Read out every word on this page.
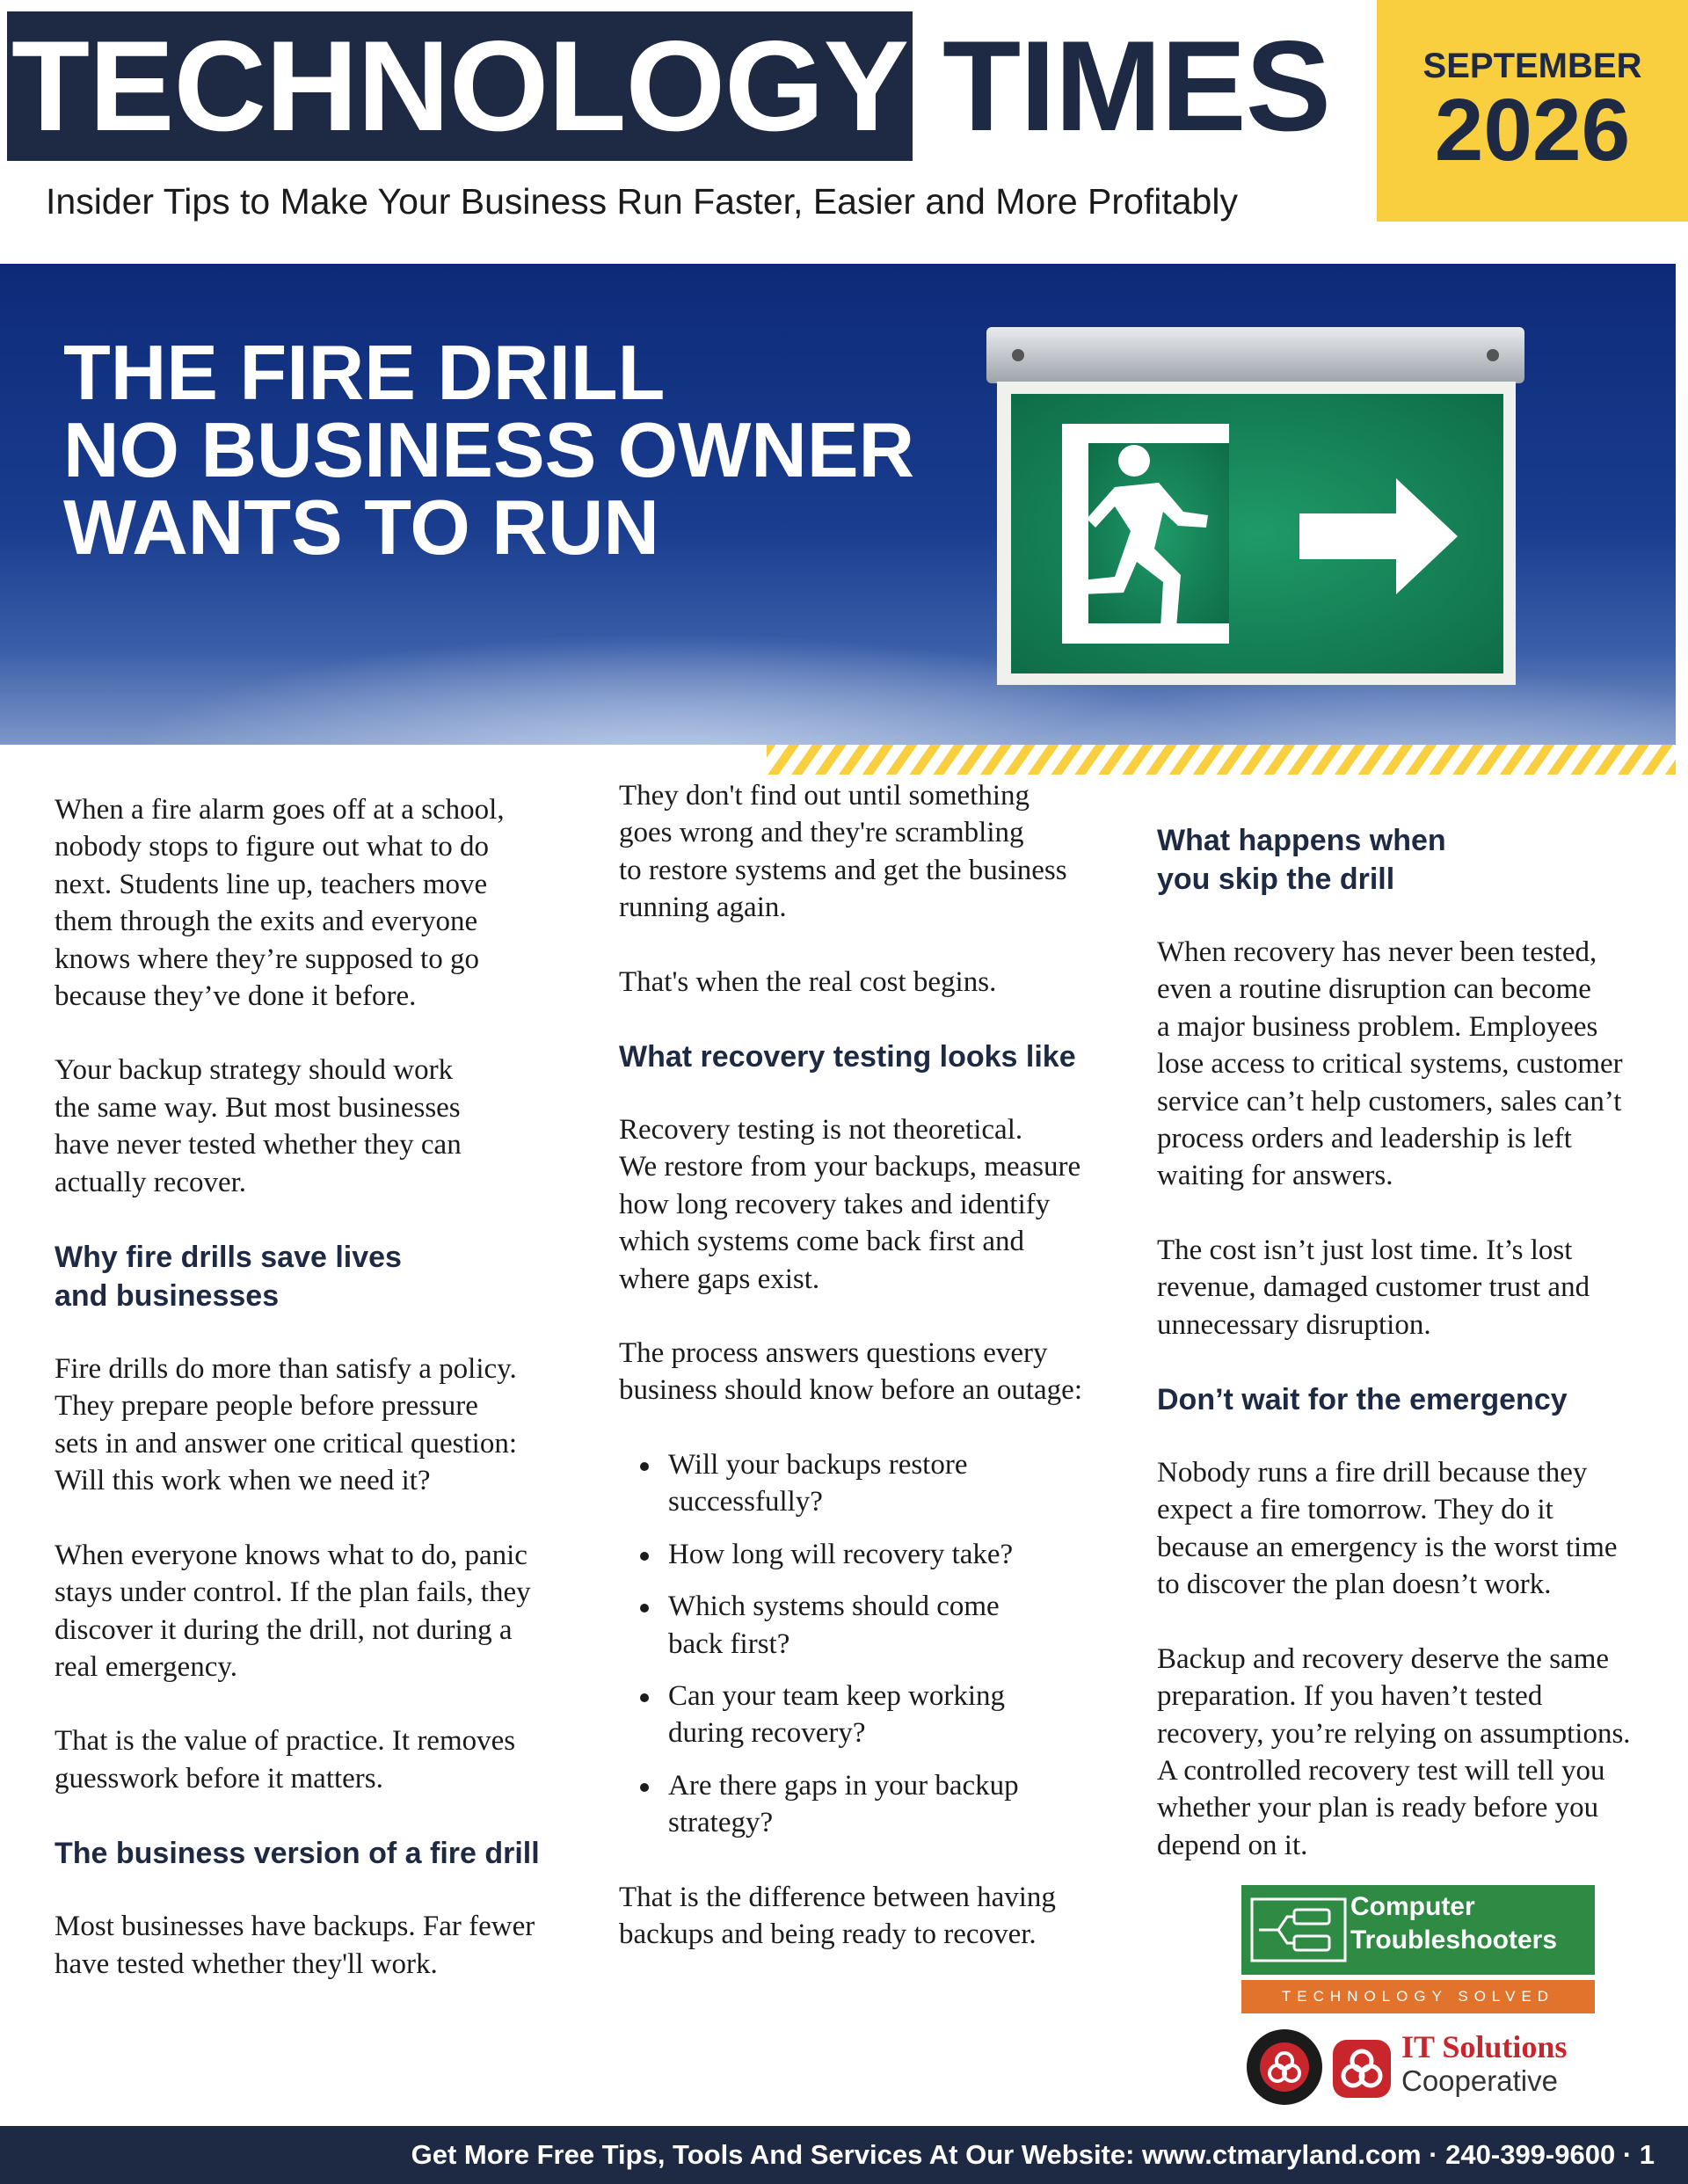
TECHNOLOGY TIMES
Insider Tips to Make Your Business Run Faster, Easier and More Profitably
SEPTEMBER
2026
THE FIRE DRILL
NO BUSINESS OWNER
WANTS TO RUN

When a fire alarm goes off at a school,
nobody stops to figure out what to do
next. Students line up, teachers move
them through the exits and everyone
knows where they’re supposed to go
because they’ve done it before.

Your backup strategy should work
the same way. But most businesses
have never tested whether they can
actually recover.

Why fire drills save lives
and businesses

Fire drills do more than satisfy a policy.
They prepare people before pressure
sets in and answer one critical question:
Will this work when we need it?

When everyone knows what to do, panic
stays under control. If the plan fails, they
discover it during the drill, not during a
real emergency.

That is the value of practice. It removes
guesswork before it matters.

The business version of a fire drill

Most businesses have backups. Far fewer
have tested whether they'll work.

They don't find out until something
goes wrong and they're scrambling
to restore systems and get the business
running again.

That's when the real cost begins.

What recovery testing looks like

Recovery testing is not theoretical.
We restore from your backups, measure
how long recovery takes and identify
which systems come back first and
where gaps exist.

The process answers questions every
business should know before an outage:

Will your backups restore
successfully?
How long will recovery take?
Which systems should come
back first?
Can your team keep working
during recovery?
Are there gaps in your backup
strategy?

That is the difference between having
backups and being ready to recover.

What happens when
you skip the drill

When recovery has never been tested,
even a routine disruption can become
a major business problem. Employees
lose access to critical systems, customer
service can’t help customers, sales can’t
process orders and leadership is left
waiting for answers.

The cost isn’t just lost time. It’s lost
revenue, damaged customer trust and
unnecessary disruption.

Don’t wait for the emergency

Nobody runs a fire drill because they
expect a fire tomorrow. They do it
because an emergency is the worst time
to discover the plan doesn’t work.

Backup and recovery deserve the same
preparation. If you haven’t tested
recovery, you’re relying on assumptions.
A controlled recovery test will tell you
whether your plan is ready before you
depend on it.

Computer
Troubleshooters
TECHNOLOGY SOLVED
IT Solutions
Cooperative
Get More Free Tips, Tools And Services At Our Website: www.ctmaryland.com · 240-399-9600 · 1
